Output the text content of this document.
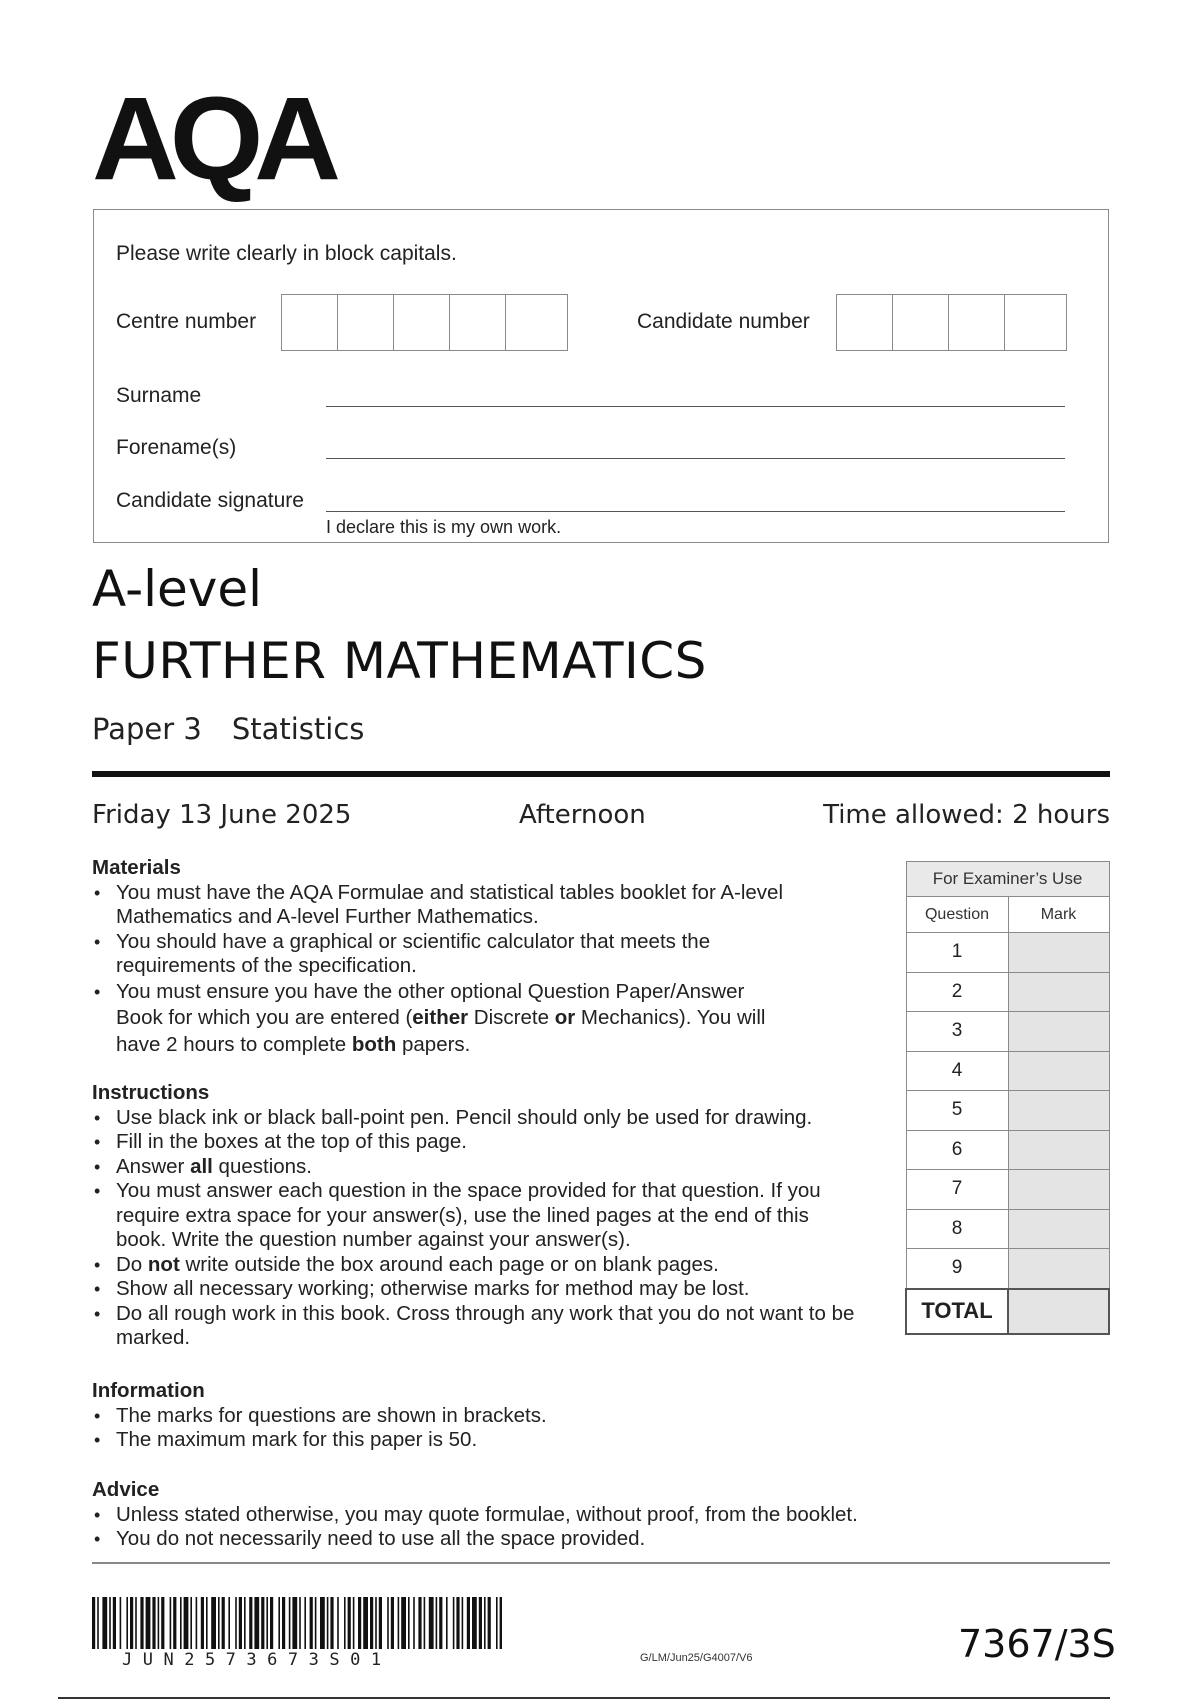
AQA
Please write clearly in block capitals.
Centre number	Candidate number
Surname
Forename(s)
Candidate signature
I declare this is my own work.
A-level
FURTHER MATHEMATICS
Paper 3 Statistics
Friday 13 June 2025	Afternoon	Time allowed: 2 hours
Materials
• You must have the AQA Formulae and statistical tables booklet for A-level Mathematics and A-level Further Mathematics.
• You should have a graphical or scientific calculator that meets the requirements of the specification.
• You must ensure you have the other optional Question Paper/Answer Book for which you are entered (either Discrete or Mechanics). You will have 2 hours to complete both papers.
Instructions
• Use black ink or black ball-point pen. Pencil should only be used for drawing.
• Fill in the boxes at the top of this page.
• Answer all questions.
• You must answer each question in the space provided for that question. If you require extra space for your answer(s), use the lined pages at the end of this book. Write the question number against your answer(s).
• Do not write outside the box around each page or on blank pages.
• Show all necessary working; otherwise marks for method may be lost.
• Do all rough work in this book. Cross through any work that you do not want to be marked.
Information
• The marks for questions are shown in brackets.
• The maximum mark for this paper is 50.
Advice
• Unless stated otherwise, you may quote formulae, without proof, from the booklet.
• You do not necessarily need to use all the space provided.
For Examiner’s Use	
Question	Mark
1	
2	
3	
4	
5	
6	
7	
8	
9	
TOTAL	
JUN2573673S01	G/LM/Jun25/G4007/V6	7367/3S
